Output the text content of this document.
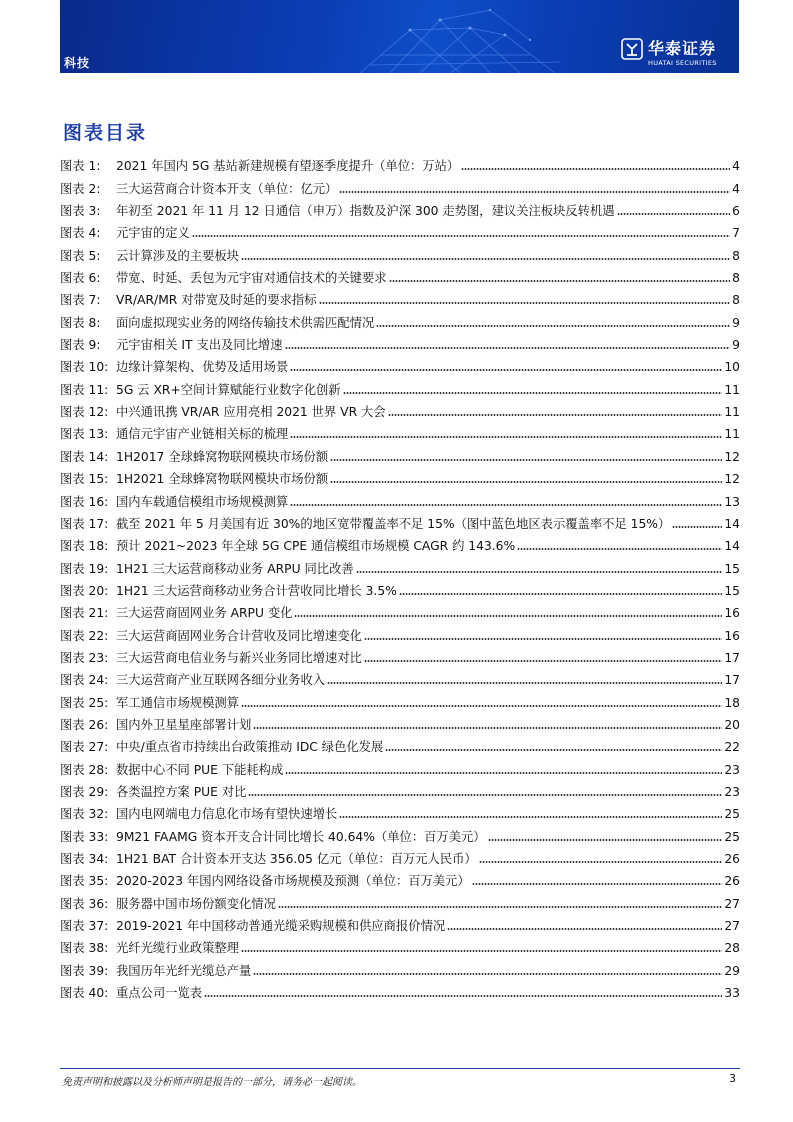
科技
华泰证券
HUATAI SECURITIES
图表目录
图表 1:	2021 年国内 5G 基站新建规模有望逐季度提升（单位：万站）	4
图表 2:	三大运营商合计资本开支（单位：亿元）	4
图表 3:	年初至 2021 年 11 月 12 日通信（申万）指数及沪深 300 走势图，建议关注板块反转机遇	6
图表 4:	元宇宙的定义	7
图表 5:	云计算涉及的主要板块	8
图表 6:	带宽、时延、丢包为元宇宙对通信技术的关键要求	8
图表 7:	VR/AR/MR 对带宽及时延的要求指标	8
图表 8:	面向虚拟现实业务的网络传输技术供需匹配情况	9
图表 9:	元宇宙相关 IT 支出及同比增速	9
图表 10: 边缘计算架构、优势及适用场景	10
图表 11: 5G 云 XR+空间计算赋能行业数字化创新	11
图表 12: 中兴通讯携 VR/AR 应用亮相 2021 世界 VR 大会	11
图表 13: 通信元宇宙产业链相关标的梳理	11
图表 14: 1H2017 全球蜂窝物联网模块市场份额	12
图表 15: 1H2021 全球蜂窝物联网模块市场份额	12
图表 16: 国内车载通信模组市场规模测算	13
图表 17: 截至 2021 年 5 月美国有近 30%的地区宽带覆盖率不足 15%（图中蓝色地区表示覆盖率不足 15%）	14
图表 18: 预计 2021~2023 年全球 5G CPE 通信模组市场规模 CAGR 约 143.6%	14
图表 19: 1H21 三大运营商移动业务 ARPU 同比改善	15
图表 20: 1H21 三大运营商移动业务合计营收同比增长 3.5%	15
图表 21: 三大运营商固网业务 ARPU 变化	16
图表 22: 三大运营商固网业务合计营收及同比增速变化	16
图表 23: 三大运营商电信业务与新兴业务同比增速对比	17
图表 24: 三大运营商产业互联网各细分业务收入	17
图表 25: 军工通信市场规模测算	18
图表 26: 国内外卫星星座部署计划	20
图表 27: 中央/重点省市持续出台政策推动 IDC 绿色化发展	22
图表 28: 数据中心不同 PUE 下能耗构成	23
图表 29: 各类温控方案 PUE 对比	23
图表 32: 国内电网端电力信息化市场有望快速增长	25
图表 33: 9M21 FAAMG 资本开支合计同比增长 40.64%（单位：百万美元）	25
图表 34: 1H21 BAT 合计资本开支达 356.05 亿元（单位：百万元人民币）	26
图表 35: 2020-2023 年国内网络设备市场规模及预测（单位：百万美元）	26
图表 36: 服务器中国市场份额变化情况	27
图表 37: 2019-2021 年中国移动普通光缆采购规模和供应商报价情况	27
图表 38: 光纤光缆行业政策整理	28
图表 39: 我国历年光纤光缆总产量	29
图表 40: 重点公司一览表	33
免责声明和披露以及分析师声明是报告的一部分，请务必一起阅读。	3
